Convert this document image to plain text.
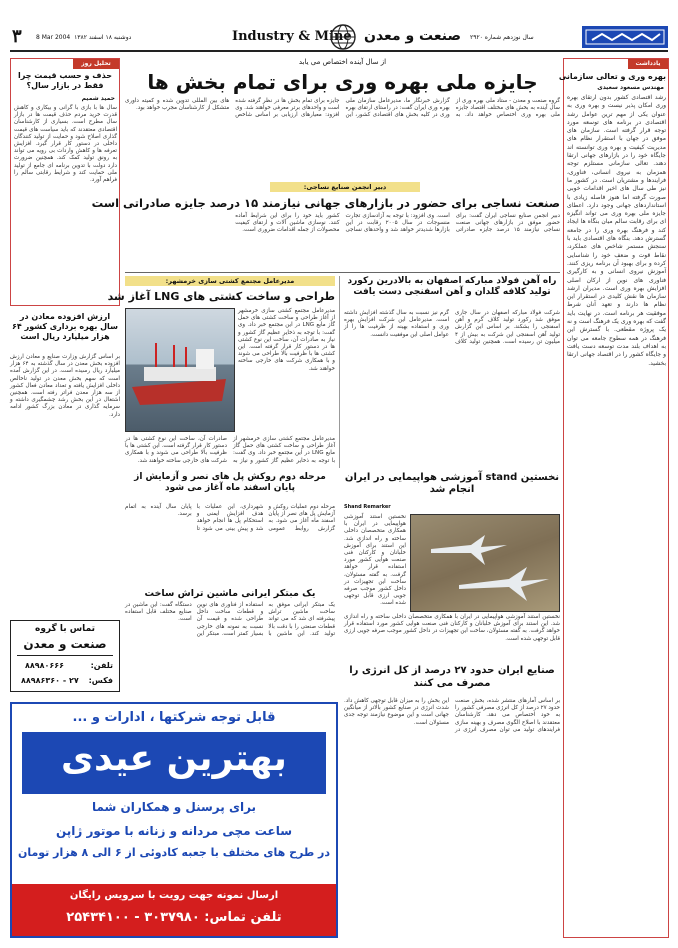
۳ 8 Mar 2004 دوشنبه ۱۸ اسفند ۱۳۸۲	Industry & Mine صنعت و معدن سال نوزدهم شماره ۲۹۲۰
تحلیل روز
حذف و حسب قیمت چرا فقط در بازار سال؟
حمید شمیم
سال ها با بازی با گرانی و بیکاری و کاهش قدرت خرید مردم حذف قیمت ها در بازار سال مطرح است. بسیاری از کارشناسان اقتصادی معتقدند که باید سیاست های قیمت گذاری اصلاح شود و حمایت از تولید کنندگان داخلی در دستور کار قرار گیرد. افزایش تعرفه ها و کاهش واردات بی رویه می تواند به رونق تولید کمک کند. همچنین ضرورت دارد دولت با تدوین برنامه ای جامع از تولید ملی حمایت کند و شرایط رقابتی سالم را فراهم آورد.
ارزش افزوده معادن در سال بهره برداری کشور ۶۴ هزار میلیارد ریال است
بر اساس گزارش وزارت صنایع و معادن ارزش افزوده بخش معدن در سال گذشته به ۶۴ هزار میلیارد ریال رسیده است. در این گزارش آمده است که سهم بخش معدن در تولید ناخالص داخلی افزایش یافته و تعداد معادن فعال کشور از سه هزار معدن فراتر رفته است. همچنین اشتغال در این بخش رشد چشمگیری داشته و سرمایه گذاری در معادن بزرگ کشور ادامه دارد.
تماس با گروه
صنعت و معدن
تلفن:
۸۸۹۸۰۶۶۶
فکس:
۸۸۹۸۶۳۶۰ - ۲۷
یادداشت
بهره وری و تعالی سازمانی
مهندس مسعود سعیدی
رشد اقتصادی کشور بدون ارتقای بهره وری امکان پذیر نیست و بهره وری به عنوان یکی از مهم ترین عوامل رشد اقتصادی در برنامه های توسعه مورد توجه قرار گرفته است. سازمان های موفق در جهان با استقرار نظام های مدیریت کیفیت و بهره وری توانسته اند جایگاه خود را در بازارهای جهانی ارتقا دهند. تعالی سازمانی مستلزم توجه همزمان به نیروی انسانی، فناوری، فرایندها و مشتریان است. در کشور ما نیز طی سال های اخیر اقدامات خوبی صورت گرفته اما هنوز فاصله زیادی با استانداردهای جهانی وجود دارد. اعطای جایزه ملی بهره وری می تواند انگیزه ای برای رقابت سالم میان بنگاه ها ایجاد کند و فرهنگ بهره وری را در جامعه گسترش دهد. بنگاه های اقتصادی باید با سنجش مستمر شاخص های عملکرد، نقاط قوت و ضعف خود را شناسایی کرده و برای بهبود آن برنامه ریزی کنند. آموزش نیروی انسانی و به کارگیری فناوری های نوین از ارکان اصلی افزایش بهره وری است. مدیران ارشد سازمان ها نقش کلیدی در استقرار این نظام ها دارند و تعهد آنان شرط موفقیت هر برنامه است. در نهایت باید گفت که بهره وری یک فرهنگ است و نه یک پروژه مقطعی. با گسترش این فرهنگ در همه سطوح جامعه می توان به اهداف بلند مدت توسعه دست یافت و جایگاه کشور را در اقتصاد جهانی ارتقا بخشید.
از سال آینده اختصاص می یابد
جایزه ملی بهره وری برای تمام بخش ها
گروه صنعت و معدن - ستاد ملی بهره وری از سال آینده به بخش های مختلف اقتصاد جایزه ملی بهره وری اختصاص خواهد داد. به گزارش خبرنگار ما، مدیرعامل سازمان ملی بهره وری ایران گفت: در راستای ارتقای بهره وری در کلیه بخش های اقتصادی کشور، این جایزه برای تمام بخش ها در نظر گرفته شده است و واحدهای برتر معرفی خواهند شد. وی افزود: معیارهای ارزیابی بر اساس شاخص های بین المللی تدوین شده و کمیته داوری متشکل از کارشناسان مجرب خواهد بود.
دبیر انجمن صنایع نساجی:
صنعت نساجی برای حضور در بازارهای جهانی نیازمند ۱۵ درصد جایزه صادراتی است
دبیر انجمن صنایع نساجی ایران گفت: برای حضور موفق در بازارهای جهانی صنعت نساجی نیازمند ۱۵ درصد جایزه صادراتی است. وی افزود: با توجه به آزادسازی تجارت منسوجات در سال ۲۰۰۵ رقابت در این بازارها شدیدتر خواهد شد و واحدهای نساجی کشور باید خود را برای این شرایط آماده کنند. نوسازی ماشین آلات و ارتقای کیفیت محصولات از جمله اقدامات ضروری است.
مدیرعامل مجتمع کشتی سازی خرمشهر:
طراحی و ساخت کشتی های LNG آغاز شد
مدیرعامل مجتمع کشتی سازی خرمشهر از آغاز طراحی و ساخت کشتی های حمل گاز مایع LNG در این مجتمع خبر داد. وی گفت: با توجه به ذخایر عظیم گاز کشور و نیاز به صادرات آن، ساخت این نوع کشتی ها در دستور کار قرار گرفته است. این کشتی ها با ظرفیت بالا طراحی می شوند و با همکاری شرکت های خارجی ساخته خواهند شد.
راه آهن فولاد مبارکه اصفهان به بالادرین رکورد تولید کلافه گلدان و آهن اسفنجی دست یافت
شرکت فولاد مبارکه اصفهان در سال جاری موفق شد رکورد تولید کلاف گرم و آهن اسفنجی را بشکند. بر اساس این گزارش تولید آهن اسفنجی این شرکت به بیش از ۴ میلیون تن رسیده است. همچنین تولید کلاف گرم نیز نسبت به سال گذشته افزایش داشته است. مدیرعامل این شرکت افزایش بهره وری و استفاده بهینه از ظرفیت ها را از عوامل اصلی این موفقیت دانست.
مدیرعامل مجتمع کشتی سازی خرمشهر از آغاز طراحی و ساخت کشتی های حمل گاز مایع LNG در این مجتمع خبر داد. وی گفت: با توجه به ذخایر عظیم گاز کشور و نیاز به صادرات آن، ساخت این نوع کشتی ها در دستور کار قرار گرفته است. این کشتی ها با ظرفیت بالا طراحی می شوند و با همکاری شرکت های خارجی ساخته خواهند شد.
نخستین stand آموزشی هواپیمایی در ایران انجام شد
Shand Remarker
نخستین استند آموزشی هواپیمایی در ایران با همکاری متخصصان داخلی ساخته و راه اندازی شد. این استند برای آموزش خلبانان و کارکنان فنی صنعت هوایی کشور مورد استفاده قرار خواهد گرفت. به گفته مسئولان، ساخت این تجهیزات در داخل کشور موجب صرفه جویی ارزی قابل توجهی شده است.
نخستین استند آموزشی هواپیمایی در ایران با همکاری متخصصان داخلی ساخته و راه اندازی شد. این استند برای آموزش خلبانان و کارکنان فنی صنعت هوایی کشور مورد استفاده قرار خواهد گرفت. به گفته مسئولان، ساخت این تجهیزات در داخل کشور موجب صرفه جویی ارزی قابل توجهی شده است.
مرحله دوم روکش پل های نصر و آزمایش از پایان اسفند ماه آغاز می شود
مرحله دوم عملیات روکش و آزمایش پل های نصر از پایان اسفند ماه آغاز می شود. به گزارش روابط عمومی شهرداری، این عملیات با هدف افزایش ایمنی و استحکام پل ها انجام خواهد شد و پیش بینی می شود تا پایان سال آینده به اتمام برسد.
یک مبتکر ایرانی ماشین تراش ساخت
یک مبتکر ایرانی موفق به ساخت ماشین تراش پیشرفته ای شد که می تواند قطعات صنعتی را با دقت بالا تولید کند. این ماشین با استفاده از فناوری های نوین و قطعات ساخت داخل طراحی شده و قیمت آن نسبت به نمونه های خارجی بسیار کمتر است. مبتکر این دستگاه گفت: این ماشین در صنایع مختلف قابل استفاده است.
صنایع ایران حدود ۲۷ درصد از کل انرژی را مصرف می کنند
بر اساس آمارهای منتشر شده، بخش صنعت حدود ۲۷ درصد از کل انرژی مصرفی کشور را به خود اختصاص می دهد. کارشناسان معتقدند با اصلاح الگوی مصرف و بهینه سازی فرایندهای تولید می توان مصرف انرژی در این بخش را به میزان قابل توجهی کاهش داد. شدت انرژی در صنایع کشور بالاتر از میانگین جهانی است و این موضوع نیازمند توجه جدی مسئولان است.
قابل توجه شرکتها ، ادارات و ...
بهترین عیدی
برای پرسنل و همکاران شما
ساعت مچی مردانه و زنانه با موتور ژاپن
در طرح های مختلف با جعبه کادوئی از ۶ الی ۸ هزار تومان
ارسال نمونه جهت رویت با سرویس رایگان
تلفن تماس: ۳۰۳۷۹۸۰ - ۲۵۴۳۴۱۰۰
